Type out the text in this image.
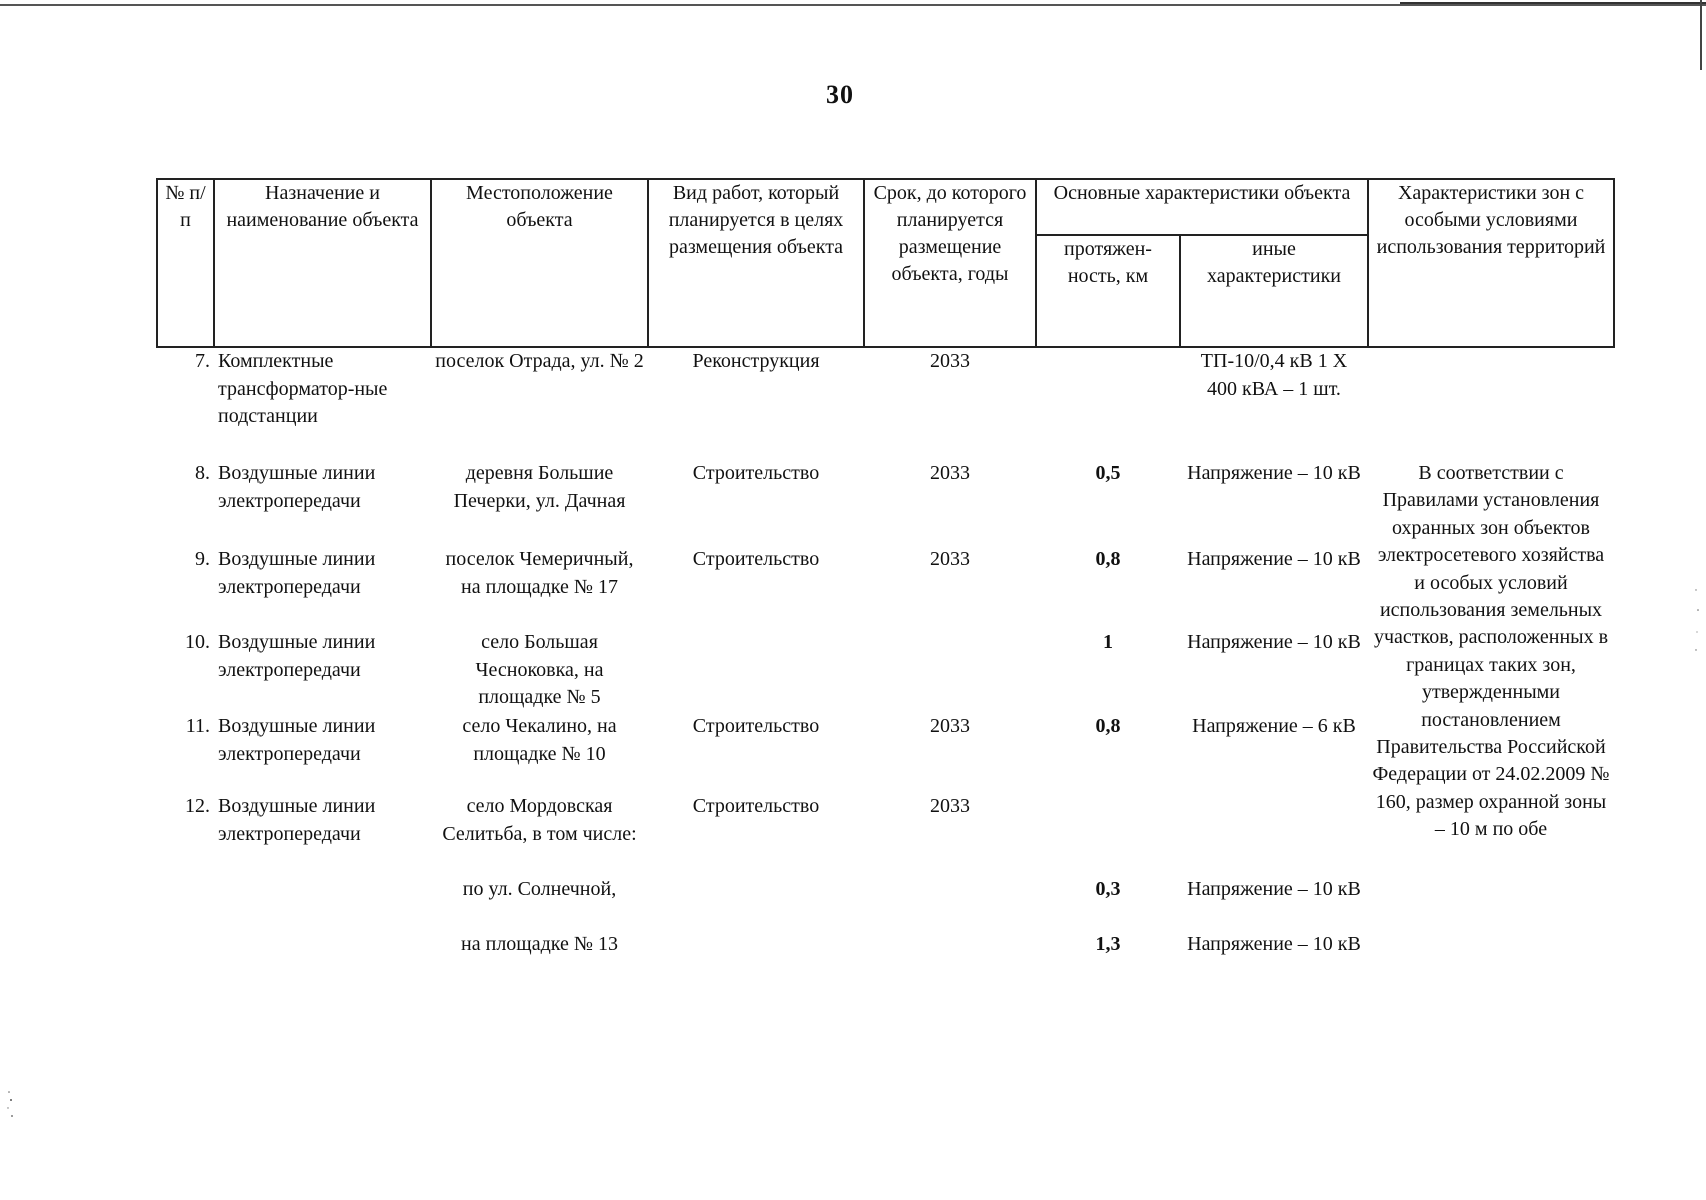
30
№ п/п	Назначение и наименование объекта	Местоположение объекта	Вид работ, который планируется в целях размещения объекта	Срок, до которого планируется размещение объекта, годы	Основные характеристики объекта		Характеристики зон с особыми условиями использования территорий
					протяжен-ность, км	иные характеристики	
7.	Комплектные трансформатор-ные подстанции	поселок Отрада, ул. № 2	Реконструкция	2033		ТП-10/0,4 кВ 1 Х 400 кВА – 1 шт.	
8.	Воздушные линии электропередачи	деревня Большие Печерки, ул. Дачная	Строительство	2033	0,5	Напряжение – 10 кВ	В соответствии с Правилами установления охранных зон объектов электросетевого хозяйства и особых условий использования земельных участков, расположенных в границах таких зон, утвержденными постановлением Правительства Российской Федерации от 24.02.2009 № 160, размер охранной зоны – 10 м по обе
9.	Воздушные линии электропередачи	поселок Чемеричный, на площадке № 17	Строительство	2033	0,8	Напряжение – 10 кВ	
10.	Воздушные линии электропередачи	село Большая Чесноковка, на площадке № 5			1	Напряжение – 10 кВ	
11.	Воздушные линии электропередачи	село Чекалино, на площадке № 10	Строительство	2033	0,8	Напряжение – 6 кВ	
12.	Воздушные линии электропередачи	село Мордовская Селитьба, в том числе:	Строительство	2033			
		по ул. Солнечной,			0,3	Напряжение – 10 кВ	
		на площадке № 13			1,3	Напряжение – 10 кВ	
